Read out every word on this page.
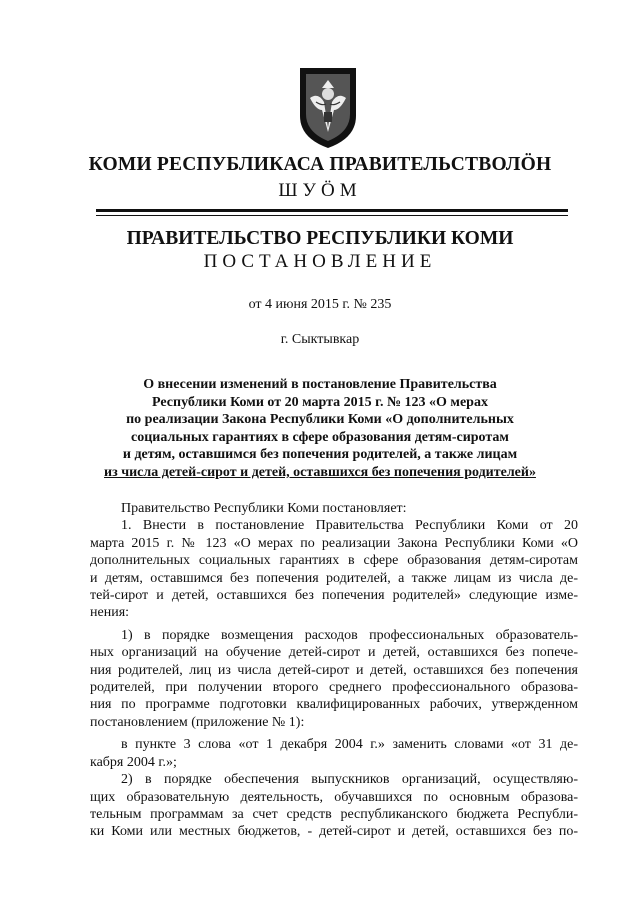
КОМИ РЕСПУБЛИКАСА ПРАВИТЕЛЬСТВОЛÖН
ШУÖМ
ПРАВИТЕЛЬСТВО РЕСПУБЛИКИ КОМИ
ПОСТАНОВЛЕНИЕ
от 4 июня 2015 г. № 235
г. Сыктывкар
О внесении изменений в постановление Правительства
Республики Коми от 20 марта 2015 г. № 123 «О мерах
по реализации Закона Республики Коми «О дополнительных
социальных гарантиях в сфере образования детям-сиротам
и детям, оставшимся без попечения родителей, а также лицам
из числа детей-сирот и детей, оставшихся без попечения родителей»
Правительство Республики Коми постановляет:
1. Внести в постановление Правительства Республики Коми от 20
марта 2015 г. № 123 «О мерах по реализации Закона Республики Коми «О
дополнительных социальных гарантиях в сфере образования детям-сиротам
и детям, оставшимся без попечения родителей, а также лицам из числа де-
тей-сирот и детей, оставшихся без попечения родителей» следующие изме-
нения:
1) в порядке возмещения расходов профессиональных образователь-
ных организаций на обучение детей-сирот и детей, оставшихся без попече-
ния родителей, лиц из числа детей-сирот и детей, оставшихся без попечения
родителей, при получении второго среднего профессионального образова-
ния по программе подготовки квалифицированных рабочих, утвержденном
постановлением (приложение № 1):
в пункте 3 слова «от 1 декабря 2004 г.» заменить словами «от 31 де-
кабря 2004 г.»;
2) в порядке обеспечения выпускников организаций, осуществляю-
щих образовательную деятельность, обучавшихся по основным образова-
тельным программам за счет средств республиканского бюджета Республи-
ки Коми или местных бюджетов, - детей-сирот и детей, оставшихся без по-
